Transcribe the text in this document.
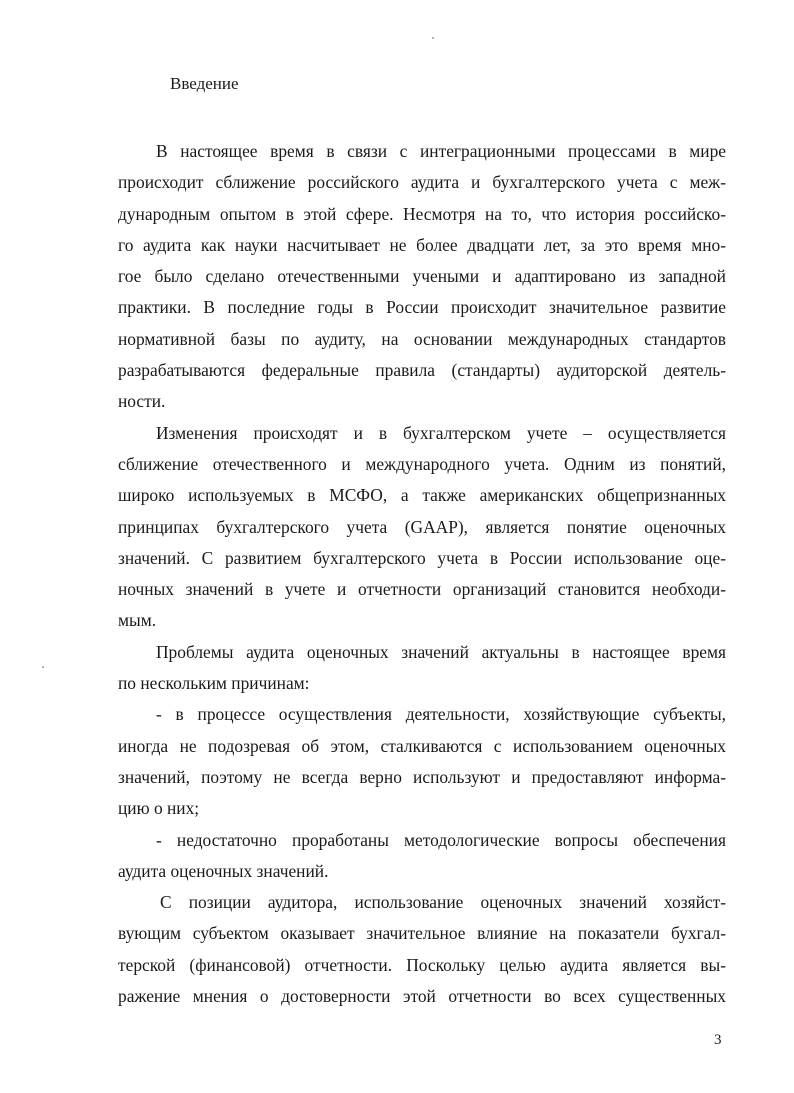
Введение
В настоящее время в связи с интеграционными процессами в мире
происходит сближение российского аудита и бухгалтерского учета с меж-
дународным опытом в этой сфере. Несмотря на то, что история российско-
го аудита как науки насчитывает не более двадцати лет, за это время мно-
гое было сделано отечественными учеными и адаптировано из западной
практики. В последние годы в России происходит значительное развитие
нормативной базы по аудиту, на основании международных стандартов
разрабатываются федеральные правила (стандарты) аудиторской деятель-
ности.
Изменения происходят и в бухгалтерском учете – осуществляется
сближение отечественного и международного учета. Одним из понятий,
широко используемых в МСФО, а также американских общепризнанных
принципах бухгалтерского учета (GAAP), является понятие оценочных
значений. С развитием бухгалтерского учета в России использование оце-
ночных значений в учете и отчетности организаций становится необходи-
мым.
Проблемы аудита оценочных значений актуальны в настоящее время
по нескольким причинам:
- в процессе осуществления деятельности, хозяйствующие субъекты,
иногда не подозревая об этом, сталкиваются с использованием оценочных
значений, поэтому не всегда верно используют и предоставляют информа-
цию о них;
- недостаточно проработаны методологические вопросы обеспечения
аудита оценочных значений.
С позиции аудитора, использование оценочных значений хозяйст-
вующим субъектом оказывает значительное влияние на показатели бухгал-
терской (финансовой) отчетности. Поскольку целью аудита является вы-
ражение мнения о достоверности этой отчетности во всех существенных
3
